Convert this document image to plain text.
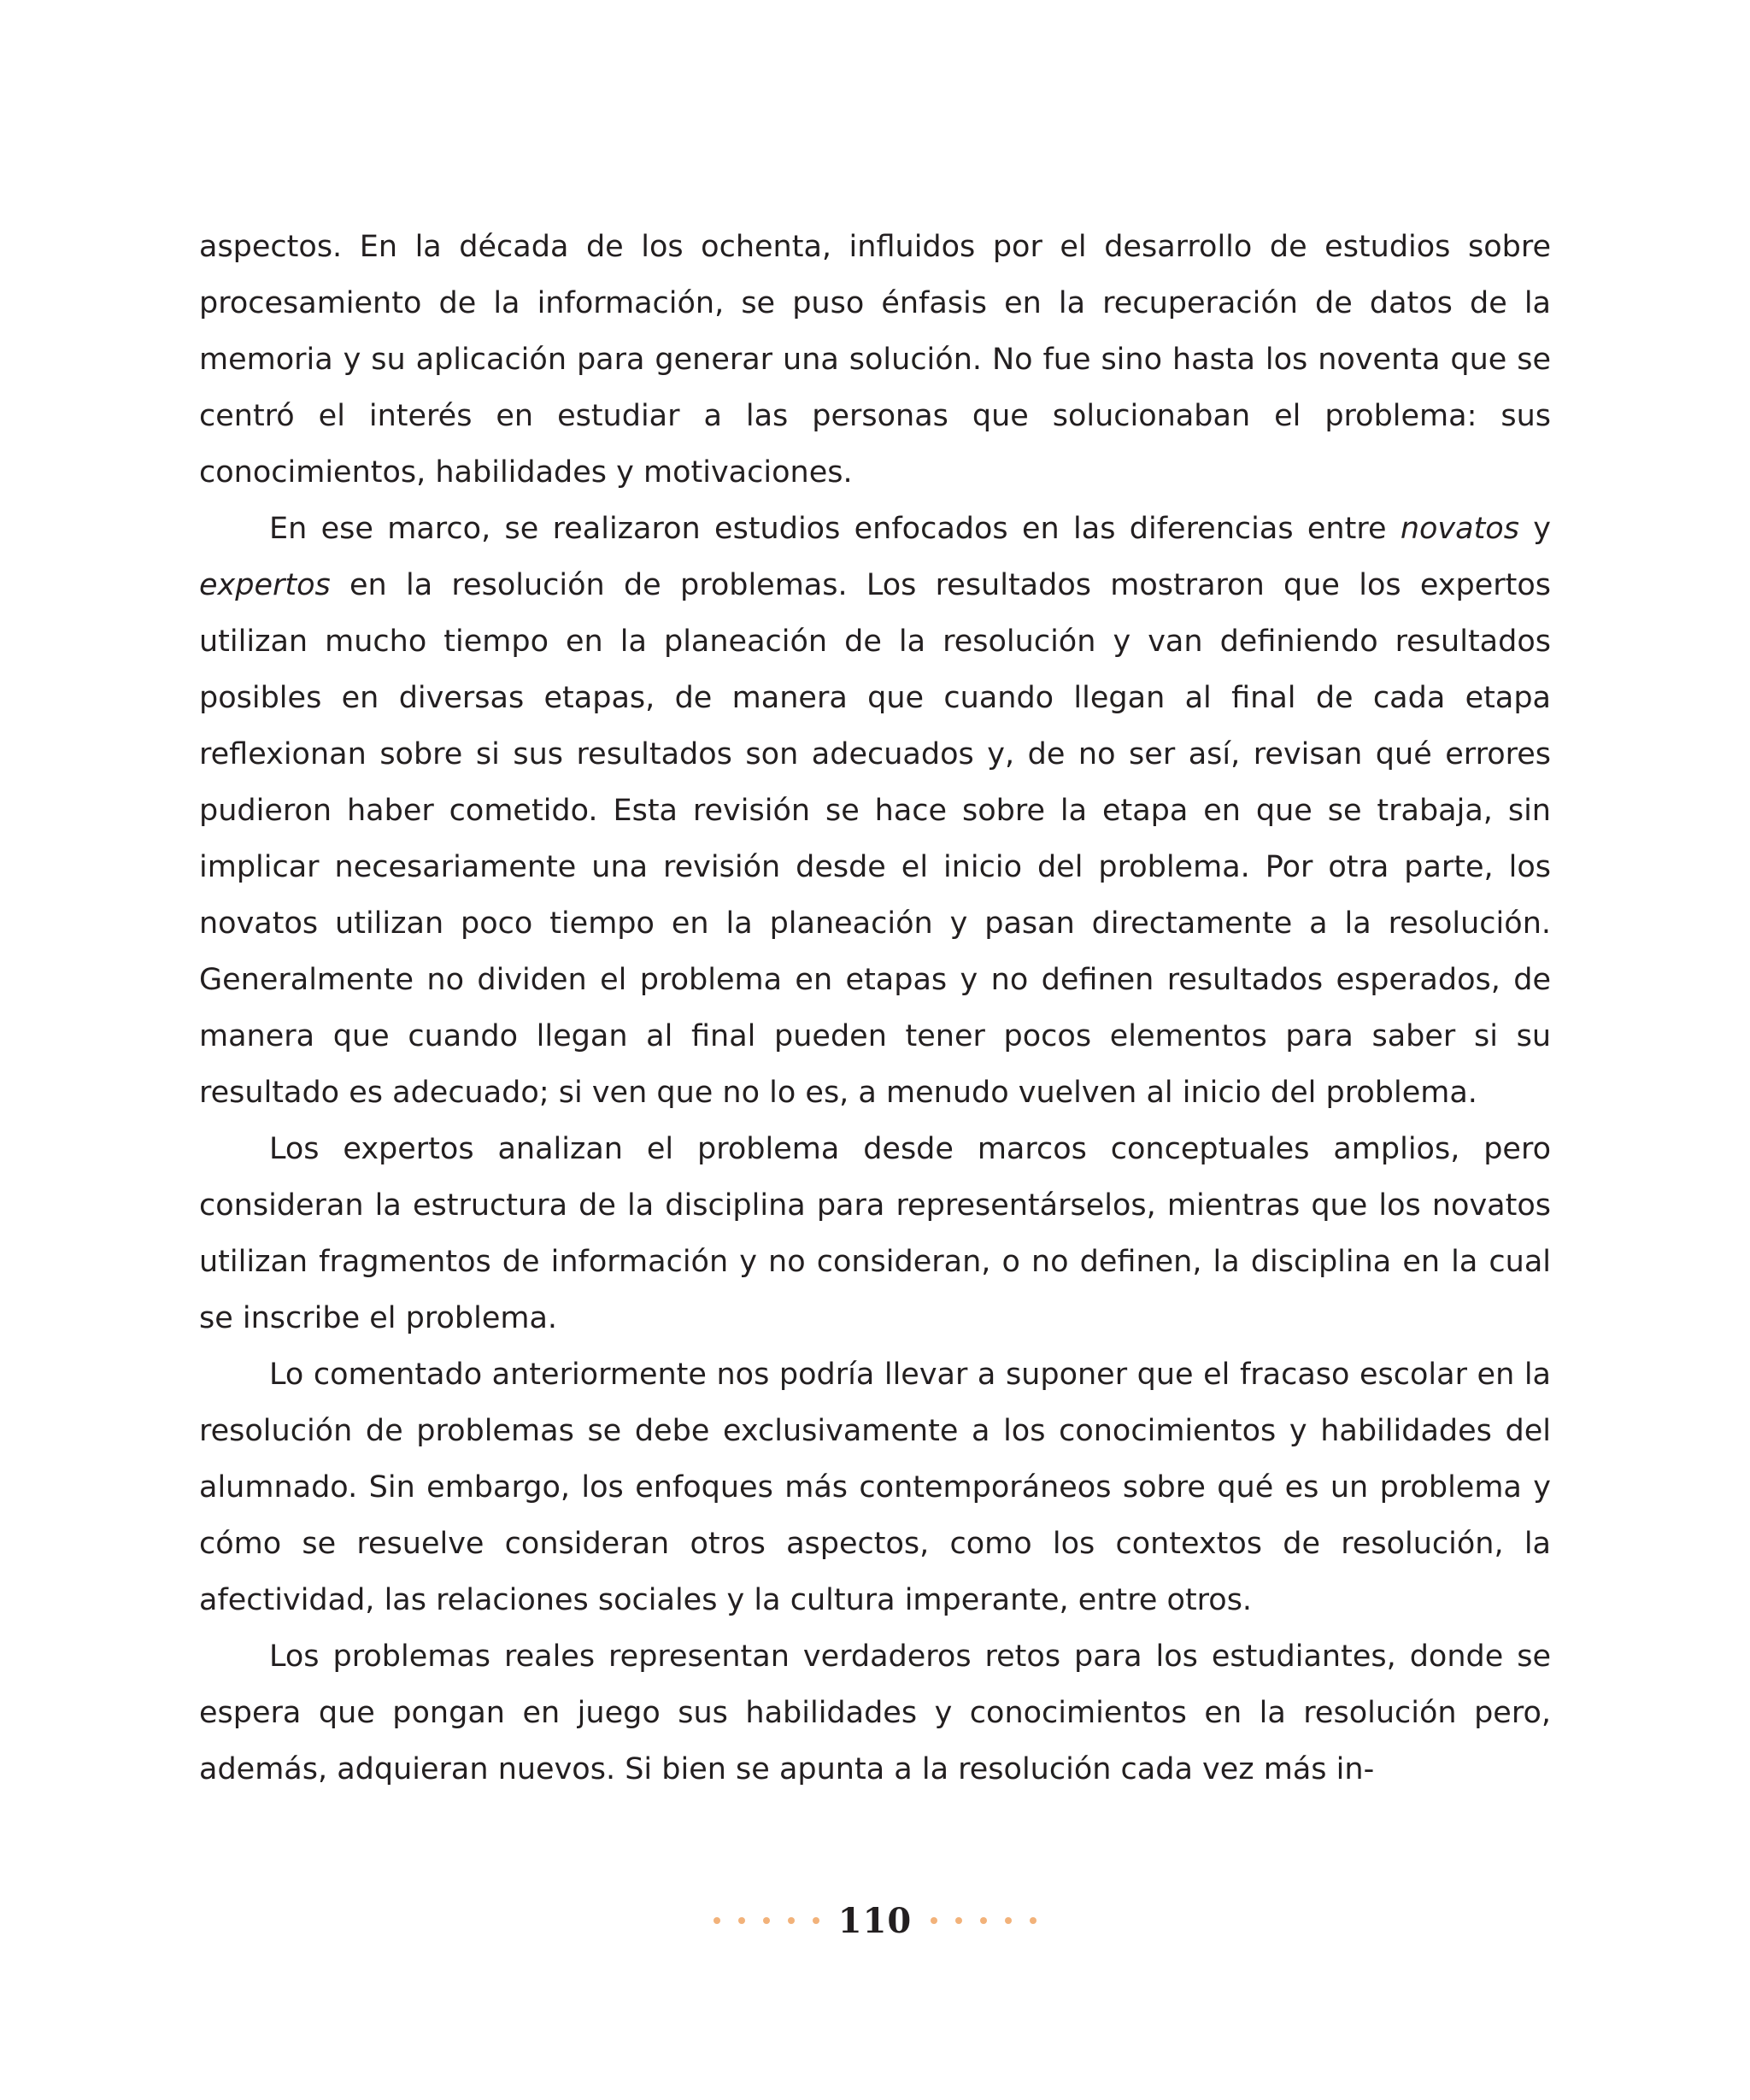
aspectos. En la década de los ochenta, influidos por el desarrollo de estudios sobre procesamiento de la información, se puso énfasis en la recuperación de datos de la memoria y su aplicación para generar una solución. No fue sino hasta los noventa que se centró el interés en estudiar a las personas que solucionaban el problema: sus conocimientos, habilidades y motivaciones.

En ese marco, se realizaron estudios enfocados en las diferencias entre novatos y expertos en la resolución de problemas. Los resultados mostraron que los expertos utilizan mucho tiempo en la planeación de la resolución y van definiendo resultados posibles en diversas etapas, de manera que cuando llegan al final de cada etapa reflexionan sobre si sus resultados son adecuados y, de no ser así, revisan qué errores pudieron haber cometido. Esta revisión se hace sobre la etapa en que se trabaja, sin implicar necesariamente una revisión desde el inicio del problema. Por otra parte, los novatos utilizan poco tiempo en la planeación y pasan directamente a la resolución. Generalmente no dividen el problema en etapas y no definen resultados esperados, de manera que cuando llegan al final pueden tener pocos elementos para saber si su resultado es adecuado; si ven que no lo es, a menudo vuelven al inicio del problema.

Los expertos analizan el problema desde marcos conceptuales amplios, pero consideran la estructura de la disciplina para representárselos, mientras que los novatos utilizan fragmentos de información y no consideran, o no definen, la disciplina en la cual se inscribe el problema.

Lo comentado anteriormente nos podría llevar a suponer que el fracaso escolar en la resolución de problemas se debe exclusivamente a los conocimientos y habilidades del alumnado. Sin embargo, los enfoques más contemporáneos sobre qué es un problema y cómo se resuelve consideran otros aspectos, como los contextos de resolución, la afectividad, las relaciones sociales y la cultura imperante, entre otros.

Los problemas reales representan verdaderos retos para los estudiantes, donde se espera que pongan en juego sus habilidades y conocimientos en la resolución pero, además, adquieran nuevos. Si bien se apunta a la resolución cada vez más in-

110
